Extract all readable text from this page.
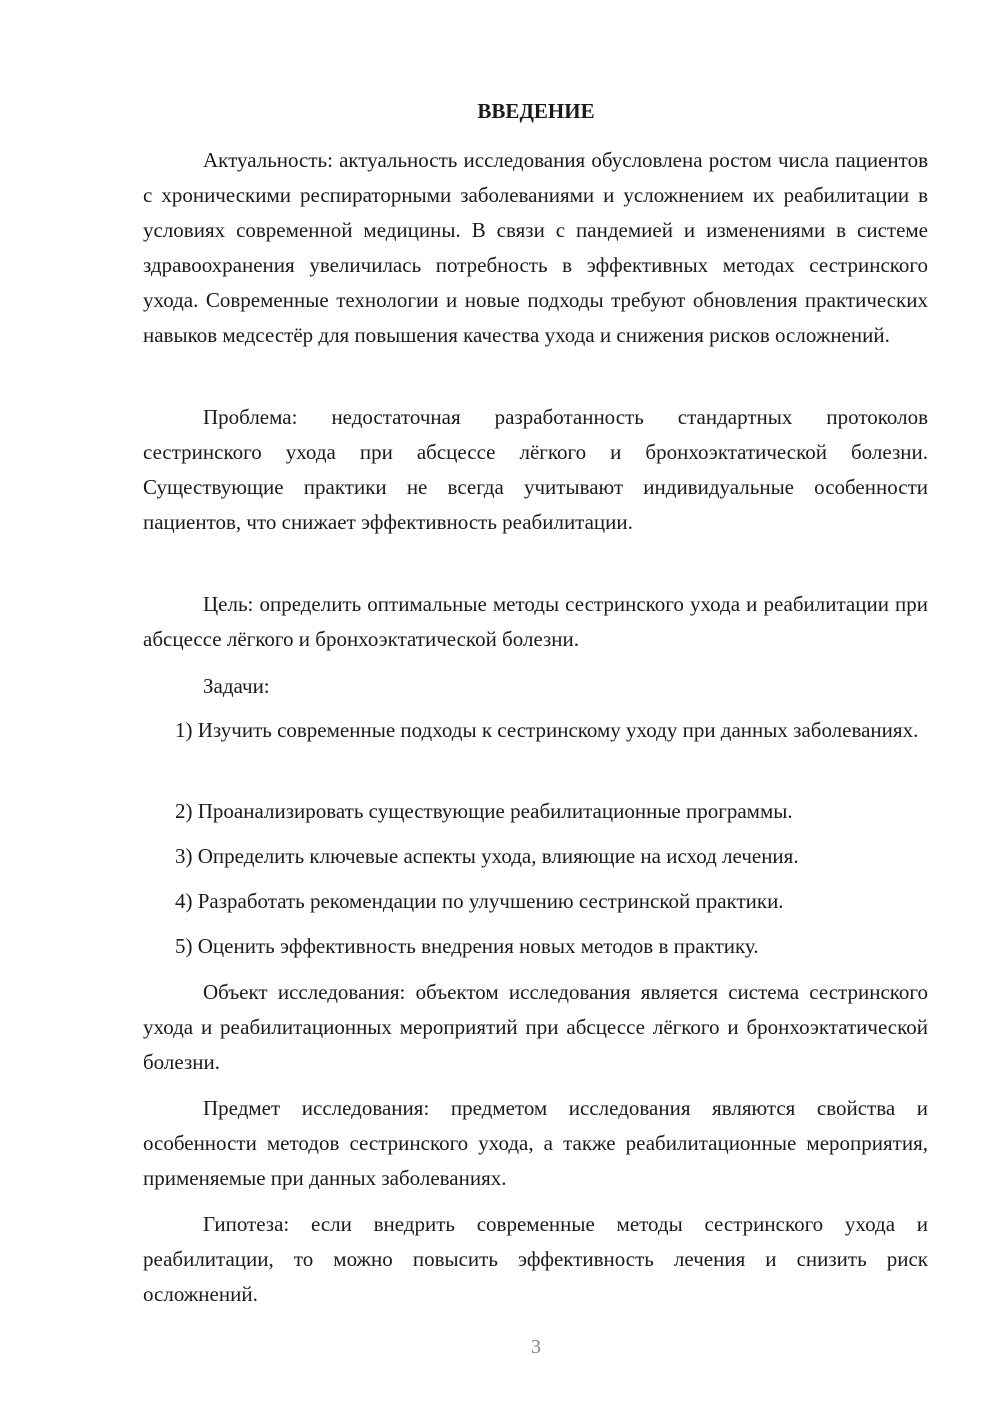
ВВЕДЕНИЕ

Актуальность: актуальность исследования обусловлена ростом числа пациентов с хроническими респираторными заболеваниями и усложнением их реабилитации в условиях современной медицины. В связи с пандемией и изменениями в системе здравоохранения увеличилась потребность в эффективных методах сестринского ухода. Современные технологии и новые подходы требуют обновления практических навыков медсестёр для повышения качества ухода и снижения рисков осложнений.

Проблема: недостаточная разработанность стандартных протоколов сестринского ухода при абсцессе лёгкого и бронхоэктатической болезни. Существующие практики не всегда учитывают индивидуальные особенности пациентов, что снижает эффективность реабилитации.

Цель: определить оптимальные методы сестринского ухода и реабилитации при абсцессе лёгкого и бронхоэктатической болезни.

Задачи:

1) Изучить современные подходы к сестринскому уходу при данных заболеваниях.

2) Проанализировать существующие реабилитационные программы.

3) Определить ключевые аспекты ухода, влияющие на исход лечения.

4) Разработать рекомендации по улучшению сестринской практики.

5) Оценить эффективность внедрения новых методов в практику.

Объект исследования: объектом исследования является система сестринского ухода и реабилитационных мероприятий при абсцессе лёгкого и бронхоэктатической болезни.

Предмет исследования: предметом исследования являются свойства и особенности методов сестринского ухода, а также реабилитационные мероприятия, применяемые при данных заболеваниях.

Гипотеза: если внедрить современные методы сестринского ухода и реабилитации, то можно повысить эффективность лечения и снизить риск осложнений.

3
